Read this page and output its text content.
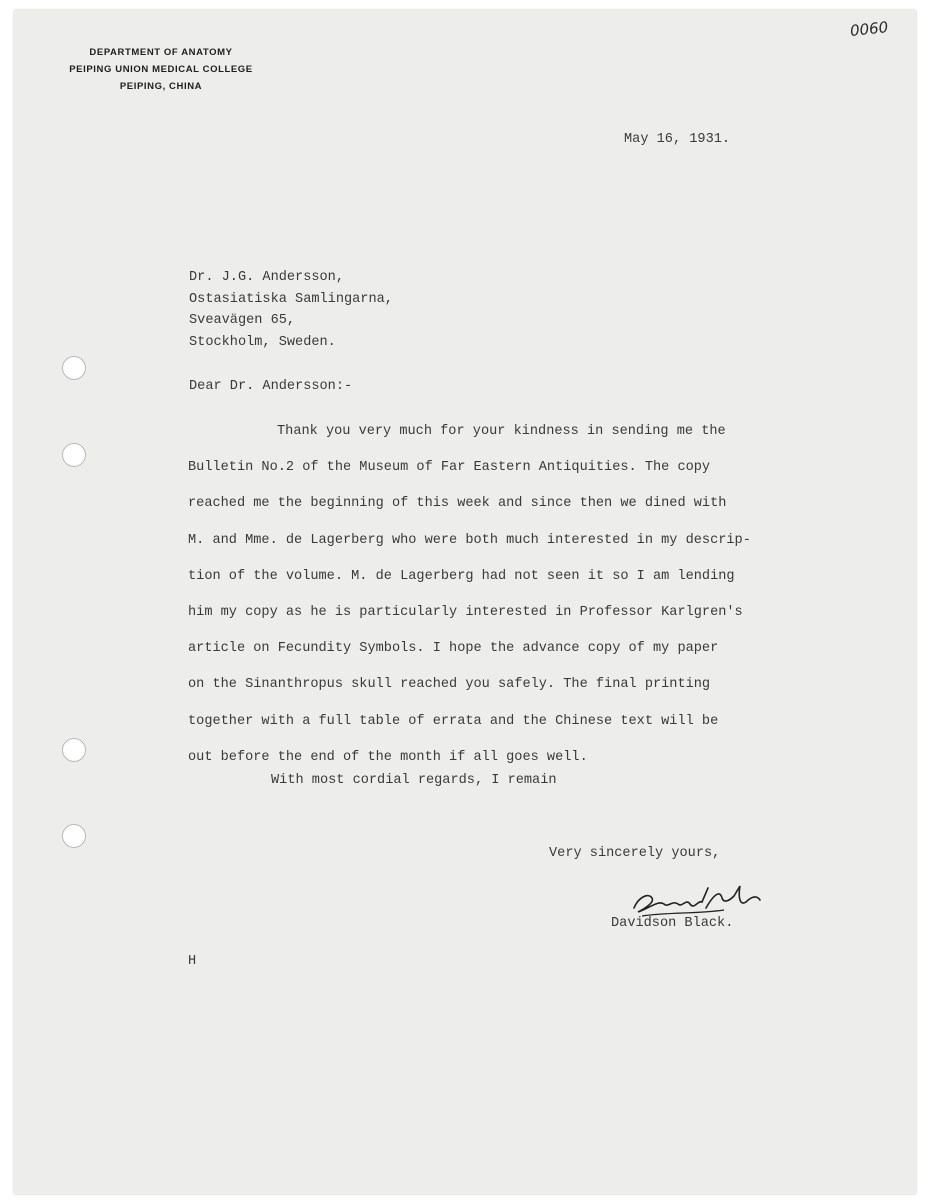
0060
DEPARTMENT OF ANATOMY
PEIPING UNION MEDICAL COLLEGE
PEIPING, CHINA
May 16, 1931.
Dr. J.G. Andersson,
Ostasiatiska Samlingarna,
Sveavägen 65,
Stockholm, Sweden.
Dear Dr. Andersson:-
Thank you very much for your kindness in sending me the
Bulletin No.2 of the Museum of Far Eastern Antiquities. The copy
reached me the beginning of this week and since then we dined with
M. and Mme. de Lagerberg who were both much interested in my descrip-
tion of the volume. M. de Lagerberg had not seen it so I am lending
him my copy as he is particularly interested in Professor Karlgren's
article on Fecundity Symbols. I hope the advance copy of my paper
on the Sinanthropus skull reached you safely. The final printing
together with a full table of errata and the Chinese text will be
out before the end of the month if all goes well.
With most cordial regards, I remain
Very sincerely yours,
Davidson Black.
H
